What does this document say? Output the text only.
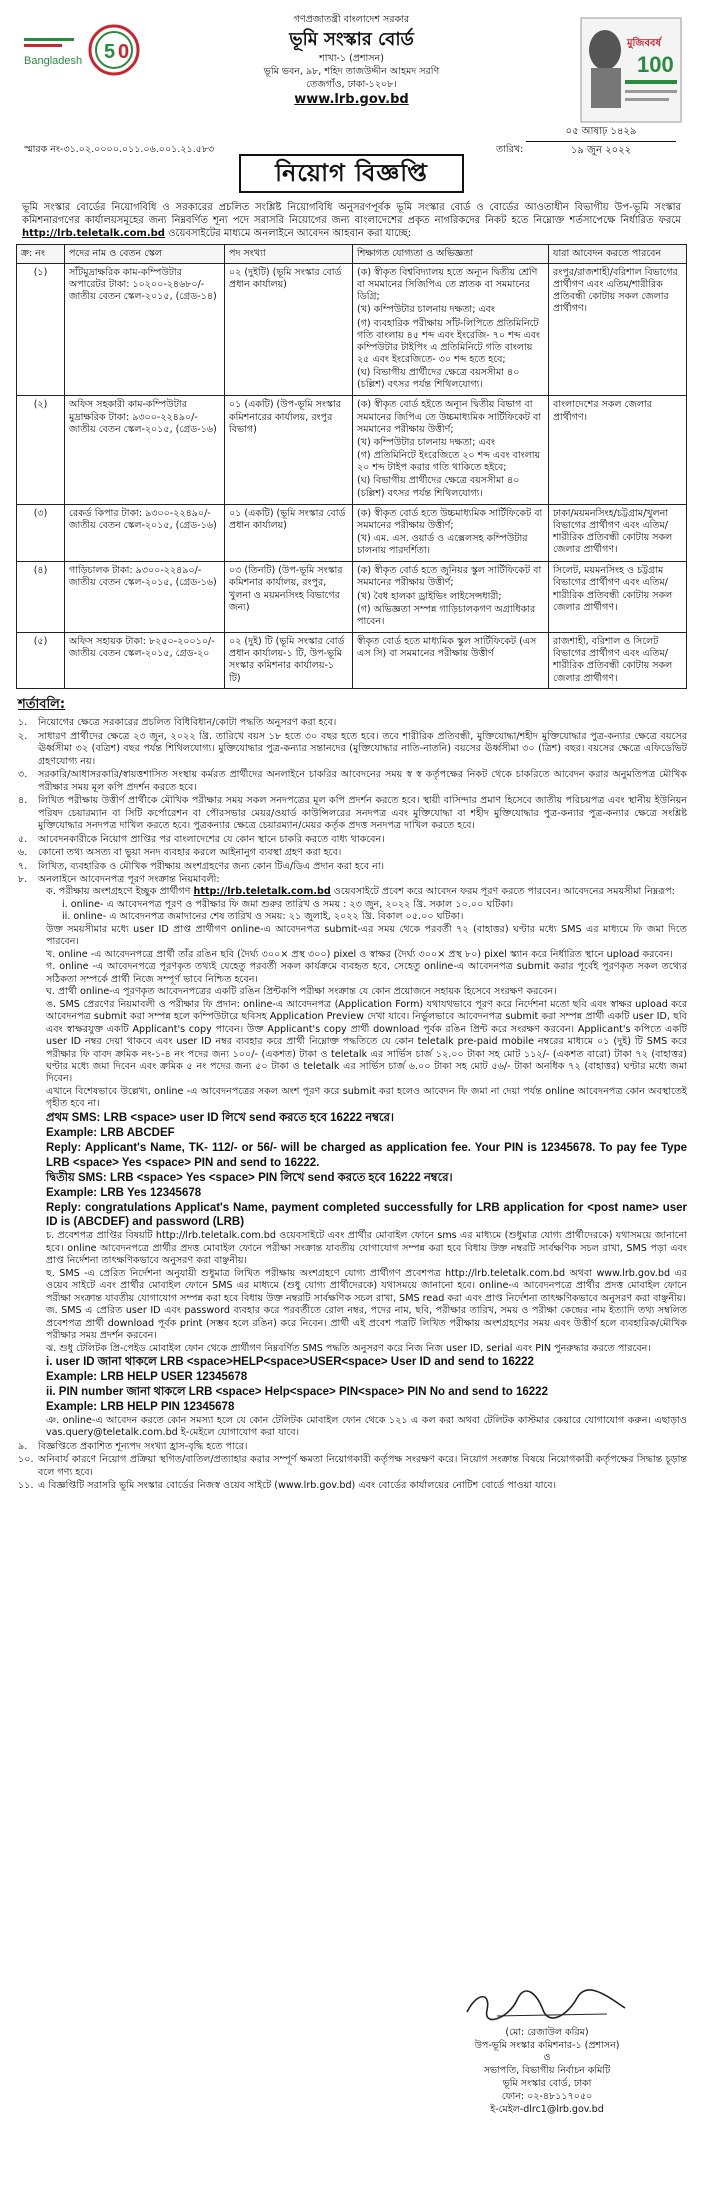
5 0
Bangladesh
গণপ্রজাতন্ত্রী বাংলাদেশ সরকার
ভূমি সংস্কার বোর্ড
শাখা-১ (প্রশাসন)
ভূমি ভবন, ৯৮, শহিদ তাজউদ্দীন আহমদ সরণি
তেজগাঁও, ঢাকা-১২০৮।
www.lrb.gov.bd
মুজিববর্ষ
100
স্মারক নং-৩১.০২.০০০০.০১১.০৬.০০১.২১.৫৮৩	তারিখ:
০৫ আষাঢ় ১৪২৯
১৯ জুন ২০২২
নিয়োগ বিজ্ঞপ্তি
ভূমি সংস্কার বোর্ডের নিয়োগবিধি ও সরকারের প্রচলিত সংশ্লিষ্ট নিয়োগবিধি অনুসরণপূর্বক ভূমি সংস্কার বোর্ড ও বোর্ডের আওতাধীন বিভাগীয় উপ-ভূমি সংস্কার কমিশনারগণের কার্যালয়সমূহের জন্য নিম্নবর্ণিত শূন্য পদে সরাসরি নিয়োগের জন্য বাংলাদেশের প্রকৃত নাগরিকদের নিকট হতে নিম্নোক্ত শর্তসাপেক্ষে নির্ধারিত ফরমে http://lrb.teletalk.com.bd ওয়েবসাইটের মাধ্যমে অনলাইনে আবেদন আহবান করা যাচ্ছে:
ক্র: নং	পদের নাম ও বেতন স্কেল	পদ সংখ্যা	শিক্ষাগত যোগ্যতা ও অভিজ্ঞতা	যারা আবেদন করতে পারবেন
(১)	সাঁটমুদ্রাক্ষরিক কাম-কম্পিউটার অপারেটর টাকা: ১০২০০-২৪৬৮০/- জাতীয় বেতন স্কেল-২০১৫, (গ্রেড-১৪)	০২ (দুইটি) (ভূমি সংস্কার বোর্ড প্রধান কার্যালয়)	(ক) স্বীকৃত বিশ্ববিদ্যালয় হতে অন্যূন দ্বিতীয় শ্রেণি বা সমমানের সিজিপিএ তে স্নাতক বা সমমানের ডিগ্রি;

(খ) কম্পিউটার চালনায় দক্ষতা; এবং

(গ) ব্যবহারিক পরীক্ষায় সাঁট-লিপিতে প্রতিমিনিটে গতি বাংলায় ৪৫ শব্দ এবং ইংরেজি- ৭০ শব্দ এবং কম্পিউটার টাইপিং এ প্রতিমিনিটে গতি বাংলায় ২৫ এবং ইংরেজিতে- ৩০ শব্দ হতে হবে;

(ঘ) বিভাগীয় প্রার্থীদের ক্ষেত্রে বয়সসীমা ৪০ (চল্লিশ) বৎসর পর্যন্ত শিথিলযোগ্য।	রংপুর/রাজশাহী/বরিশাল বিভাগের প্রার্থীগণ এবং এতিম/শারীরিক প্রতিবন্ধী কোটায় সকল জেলার প্রার্থীগণ।
(২)	অফিস সহকারী কাম-কম্পিউটার মুদ্রাক্ষরিক টাকা: ৯৩০০-২২৪৯০/- জাতীয় বেতন স্কেল-২০১৫, (গ্রেড-১৬)	০১ (একটি) (উপ-ভূমি সংস্কার কমিশনারের কার্যালয়, রংপুর বিভাগ)	(ক) স্বীকৃত বোর্ড হইতে অন্যূন দ্বিতীয় বিভাগ বা সমমানের জিপিএ তে উচ্চমাধ্যমিক সার্টিফিকেট বা সমমানের পরীক্ষায় উত্তীর্ণ;

(খ) কম্পিউটার চালনায় দক্ষতা; এবং

(গ) প্রতিমিনিটে ইংরেজিতে ২০ শব্দ এবং বাংলায় ২০ শব্দ টাইপ করার গতি থাকিতে হইবে;

(ঘ) বিভাগীয় প্রার্থীদের ক্ষেত্রে বয়সসীমা ৪০ (চল্লিশ) বৎসর পর্যন্ত শিথিলযোগ্য।	বাংলাদেশের সকল জেলার প্রার্থীগণ।
(৩)	রেকর্ড কিপার টাকা: ৯৩০০-২২৪৯০/- জাতীয় বেতন স্কেল-২০১৫, (গ্রেড-১৬)	০১ (একটি) (ভূমি সংস্কার বোর্ড প্রধান কার্যালয়)	(ক) স্বীকৃত বোর্ড হতে উচ্চমাধ্যমিক সার্টিফিকেট বা সমমানের পরীক্ষায় উত্তীর্ণ;

(খ) এম. এস. ওয়ার্ড ও এক্সেলসহ কম্পিউটার চালনায় পারদর্শিতা।	ঢাকা/ময়মনসিংহ/চট্টগ্রাম/খুলনা বিভাগের প্রার্থীগণ এবং এতিম/শারীরিক প্রতিবন্ধী কোটায় সকল জেলার প্রার্থীগণ।
(৪)	গাড়িচালক টাকা: ৯৩০০-২২৪৯০/- জাতীয় বেতন স্কেল-২০১৫, (গ্রেড-১৬)	০৩ (তিনটি) (উপ-ভূমি সংস্কার কমিশনার কার্যালয়, রংপুর, খুলনা ও ময়মনসিংহ বিভাগের জন্য)	(ক) স্বীকৃত বোর্ড হতে জুনিয়র স্কুল সার্টিফিকেট বা সমমানের পরীক্ষায় উত্তীর্ণ;

(খ) বৈধ হালকা ড্রাইভিং লাইসেন্সধারী;

(গ) অভিজ্ঞতা সম্পন্ন গাড়িচালকগণ অগ্রাধিকার পাবেন।	সিলেট, ময়মনসিংহ ও চট্টগ্রাম বিভাগের প্রার্থীগণ এবং এতিম/শারীরিক প্রতিবন্ধী কোটায় সকল জেলার প্রার্থীগণ।
(৫)	অফিস সহায়ক টাকা: ৮২৫০-২০০১০/- জাতীয় বেতন স্কেল-২০১৫, গ্রেড-২০	০২ (দুই) টি (ভূমি সংস্কার বোর্ড প্রধান কার্যালয়-১ টি, উপ-ভূমি সংস্কার কমিশনার কার্যালয়-১ টি)	স্বীকৃত বোর্ড হতে মাধ্যমিক স্কুল সার্টিফিকেট (এস এস সি) বা সমমানের পরীক্ষায় উত্তীর্ণ	রাজশাহী, বরিশাল ও সিলেট বিভাগের প্রার্থীগণ এবং এতিম/শারীরিক প্রতিবন্ধী কোটায় সকল জেলার প্রার্থীগণ।
শর্তাবলি:
১. নিয়োগের ক্ষেত্রে সরকারের প্রচলিত বিধিবিধান/কোটা পদ্ধতি অনুসরণ করা হবে।
২. সাধারণ প্রার্থীদের ক্ষেত্রে ২৩ জুন, ২০২২ খ্রি. তারিখে বয়স ১৮ হতে ৩০ বছর হতে হবে। তবে শারীরিক প্রতিবন্ধী, মুক্তিযোদ্ধা/শহীদ মুক্তিযোদ্ধার পুত্র-কন্যার ক্ষেত্রে বয়সের ঊর্ধ্বসীমা ৩২ (বত্রিশ) বছর পর্যন্ত শিথিলযোগ্য। মুক্তিযোদ্ধার পুত্র-কন্যার সন্তানদের (মুক্তিযোদ্ধার নাতি-নাতনি) বয়সের ঊর্ধ্বসীমা ৩০ (ত্রিশ) বছর। বয়সের ক্ষেত্রে এফিডেভিট গ্রহণযোগ্য নয়।
৩. সরকারি/আধাসরকারি/স্বায়ত্তশাসিত সংস্থায় কর্মরত প্রার্থীদের অনলাইনে চাকরির আবেদনের সময় স্ব স্ব কর্তৃপক্ষের নিকট থেকে চাকরিতে আবেদন করার অনুমতিপত্র মৌখিক পরীক্ষার সময় মূল কপি প্রদর্শন করতে হবে।
৪. লিখিত পরীক্ষায় উত্তীর্ণ প্রার্থীকে মৌখিক পরীক্ষার সময় সকল সনদপত্রের মূল কপি প্রদর্শন করতে হবে। স্থায়ী বাসিন্দার প্রমাণ হিসেবে জাতীয় পরিচয়পত্র এবং স্থানীয় ইউনিয়ন পরিষদ চেয়ারম্যান বা সিটি কর্পোরেশন বা পৌরসভার মেয়র/ওয়ার্ড কাউন্সিলরের সনদপত্র এবং মুক্তিযোদ্ধা বা শহীদ মুক্তিযোদ্ধার পুত্র-কন্যার পুত্র-কন্যার ক্ষেত্রে সংশ্লিষ্ট মুক্তিযোদ্ধার সনদপত্র দাখিল করতে হবে। পুত্রকন্যার ক্ষেত্রে চেয়ারম্যান/মেয়র কর্তৃক প্রদত্ত সনদপত্র দাখিল করতে হবে।
৫. আবেদনকারীকে নিয়োগ প্রাপ্তির পর বাংলাদেশের যে কোন স্থানে চাকরি করতে বাধ্য থাকবেন।
৬. কোনো তথ্য অসত্য বা ভুয়া সনদ ব্যবহার করলে আইনানুগ ব্যবস্থা গ্রহণ করা হবে।
৭. লিখিত, ব্যবহারিক ও মৌখিক পরীক্ষায় অংশগ্রহণের জন্য কোন টিএ/ডিএ প্রদান করা হবে না।
৮. অনলাইনে আবেদনপত্র পূরণ সংক্রান্ত নিয়মাবলী:
ক. পরীক্ষায় অংশগ্রহণে ইচ্ছুক প্রার্থীগণ http://lrb.teletalk.com.bd ওয়েবসাইটে প্রবেশ করে আবেদন ফরম পূরণ করতে পারবেন। আবেদনের সময়সীমা নিম্নরূপ:
i. online- এ আবেদনপত্র পূরণ ও পরীক্ষার ফি জমা শুরুর তারিখ ও সময় : ২৩ জুন, ২০২২ খ্রি. সকাল ১০.০০ ঘটিকা।
ii. online- এ আবেদনপত্র জমাদানের শেষ তারিখ ও সময়: ২১ জুলাই, ২০২২ খ্রি. বিকাল ০৫.০০ ঘটিকা।
উক্ত সময়সীমার মধ্যে user ID প্রাপ্ত প্রার্থীগণ online-এ আবেদনপত্র submit-এর সময় থেকে পরবর্তী ৭২ (বাহাত্তর) ঘণ্টার মধ্যে SMS এর মাধ্যমে ফি জমা দিতে পারবেন।
খ. online -এ আবেদনপত্রে প্রার্থী তাঁর রঙিন ছবি (দৈর্ঘ্য ৩০০× প্রস্থ ৩০০) pixel ও স্বাক্ষর (দৈর্ঘ্য ৩০০× প্রস্থ ৮০) pixel স্ক্যান করে নির্ধারিত স্থানে upload করবেন।
গ. online -এ আবেদনপত্রে পূরণকৃত তথ্যই যেহেতু পরবর্তী সকল কার্যক্রমে ব্যবহৃত হবে, সেহেতু online-এ আবেদনপত্র submit করার পূর্বেই পূরণকৃত সকল তথ্যের সঠিকতা সম্পর্কে প্রার্থী নিজে সম্পূর্ণ ভাবে নিশ্চিত হবেন।
ঘ. প্রার্থী online-এ পূরণকৃত আবেদনপত্রের একটি রঙিন প্রিন্টকপি পরীক্ষা সংক্রান্ত যে কোন প্রয়োজনে সহায়ক হিসেবে সংরক্ষণ করবেন।
ঙ. SMS প্রেরণের নিয়মাবলী ও পরীক্ষার ফি প্রদান: online-এ আবেদনপত্র (Application Form) যথাযথভাবে পূরণ করে নির্দেশনা মতো ছবি এবং স্বাক্ষর upload করে আবেদনপত্র submit করা সম্পন্ন হলে কম্পিউটারে ছবিসহ Application Preview দেখা যাবে। নির্ভুলভাবে আবেদনপত্র submit করা সম্পন্ন প্রার্থী একটি user ID, ছবি এবং স্বাক্ষরযুক্ত একটি Applicant's copy পাবেন। উক্ত Applicant's copy প্রার্থী download পূর্বক রঙিন প্রিন্ট করে সংরক্ষণ করবেন। Applicant's কপিতে একটি user ID নম্বর দেয়া থাকবে এবং user ID নম্বর ব্যবহার করে প্রার্থী নিম্নোক্ত পদ্ধতিতে যে কোন teletalk pre-paid mobile নম্বরের মাধ্যমে ০১ (দুই) টি SMS করে পরীক্ষার ফি বাবদ ক্রমিক নং-১-৪ নং পদের জন্য ১০০/- (একশত) টাকা ও teletalk এর সার্ভিস চার্জ ১২.০০ টাকা সহ মোট ১১২/- (একশত বারো) টাকা ৭২ (বাহাত্তর) ঘণ্টার মধ্যে জমা দিবেন এবং ক্রমিক ৫ নং পদের জন্য ৫০ টাকা ও teletalk এর সার্ভিস চার্জ ৬.০০ টাকা সহ মোট ৫৬/- টাকা অনধিক ৭২ (বাহাত্তর) ঘণ্টার মধ্যে জমা দিবেন।
এখানে বিশেষভাবে উল্লেখ্য, online -এ আবেদনপত্রের সকল অংশ পূরণ করে submit করা হলেও আবেদন ফি জমা না দেয়া পর্যন্ত online আবেদনপত্র কোন অবস্থাতেই গৃহীত হবে না।
প্রথম SMS: LRB <space> user ID লিখে send করতে হবে 16222 নম্বরে।
Example: LRB ABCDEF
Reply: Applicant's Name, TK- 112/- or 56/- will be charged as application fee. Your PIN is 12345678. To pay fee Type LRB <space> Yes <space> PIN and send to 16222.
দ্বিতীয় SMS: LRB <space> Yes <space> PIN লিখে send করতে হবে 16222 নম্বরে।
Example: LRB Yes 12345678
Reply: congratulations Applicat's Name, payment completed successfully for LRB application for <post name> user ID is (ABCDEF) and password (LRB)
চ. প্রবেশপত্র প্রাপ্তির বিষয়টি http://lrb.teletalk.com.bd ওয়েবসাইটে এবং প্রার্থীর মোবাইল ফোনে sms এর মাধ্যমে (শুধুমাত্র যোগ্য প্রার্থীদেরকে) যথাসময়ে জানানো হবে। online আবেদনপত্রে প্রার্থীর প্রদত্ত মোবাইল ফোনে পরীক্ষা সংক্রান্ত যাবতীয় যোগাযোগ সম্পন্ন করা হবে বিধায় উক্ত নম্বরটি সার্বক্ষণিক সচল রাখা, SMS পড়া এবং প্রাপ্ত নির্দেশনা তাৎক্ষণিকভাবে অনুসরণ করা বাঞ্ছনীয়।
ছ. SMS -এ প্রেরিত নির্দেশনা অনুযায়ী শুধুমাত্র লিখিত পরীক্ষায় অংশগ্রহণে যোগ্য প্রার্থীগণ প্রবেশপত্র http://lrb.teletalk.com.bd অথবা www.lrb.gov.bd এর ওয়েব সাইটে এবং প্রার্থীর মোবাইল ফোনে SMS এর মাধ্যমে (শুধু যোগ্য প্রার্থীদেরকে) যথাসময়ে জানানো হবে। online-এ আবেদনপত্রে প্রার্থীর প্রদত্ত মোবাইল ফোনে পরীক্ষা সংক্রান্ত যাবতীয় যোগাযোগ সম্পন্ন করা হবে বিধায় উক্ত নম্বরটি সার্বক্ষণিক সচল রাখা, SMS read করা এবং প্রাপ্ত নির্দেশনা তাৎক্ষণিকভাবে অনুসরণ করা বাঞ্ছনীয়।
জ. SMS এ প্রেরিত user ID এবং password ব্যবহার করে পরবর্তীতে রোল নম্বর, পদের নাম, ছবি, পরীক্ষার তারিখ, সময় ও পরীক্ষা কেন্দ্রের নাম ইত্যাদি তথ্য সম্বলিত প্রবেশপত্র প্রার্থী download পূর্বক print (সম্ভব হলে রঙিন) করে নিবেন। প্রার্থী এই প্রবেশ পত্রটি লিখিত পরীক্ষায় অংশগ্রহণের সময় এবং উত্তীর্ণ হলে ব্যবহারিক/মৌখিক পরীক্ষার সময় প্রদর্শন করবেন।
ঝ. শুধু টেলিটক প্রি-পেইড মোবাইল ফোন থেকে প্রার্থীগণ নিম্নবর্ণিত SMS পদ্ধতি অনুসরণ করে নিজ নিজ user ID, serial এবং PIN পুনরুদ্ধার করতে পারবেন।
i. user ID জানা থাকলে LRB <space>HELP<space>USER<space> User ID and send to 16222
Example: LRB HELP USER 12345678
ii. PIN number জানা থাকলে LRB <space> Help<space> PIN<space> PIN No and send to 16222
Example: LRB HELP PIN 12345678
ঞ. online-এ আবেদন করতে কোন সমস্যা হলে যে কোন টেলিটক মোবাইল ফোন থেকে ১২১ এ কল করা অথবা টেলিটক কাস্টমার কেয়ারে যোগাযোগ করুন। এছাড়াও vas.query@teletalk.com.bd ই-মেইলে যোগাযোগ করা যাবে।
৯. বিজ্ঞপ্তিতে প্রকাশিত শূন্যপদ সংখ্যা হ্রাস-বৃদ্ধি হতে পারে।
১০. অনিবার্য কারণে নিয়োগ প্রক্রিয়া স্থগিত/বাতিল/প্রত্যাহার করার সম্পূর্ণ ক্ষমতা নিয়োগকারী কর্তৃপক্ষ সংরক্ষণ করে। নিয়োগ সংক্রান্ত বিষয়ে নিয়োগকারী কর্তৃপক্ষের সিদ্ধান্ত চূড়ান্ত বলে গণ্য হবে।
১১. এ বিজ্ঞপ্তিটি সরাসরি ভূমি সংস্কার বোর্ডের নিজস্ব ওয়েব সাইটে (www.lrb.gov.bd) এবং বোর্ডের কার্যালয়ের নোটিশ বোর্ডে পাওয়া যাবে।
(মো: রেজাউল করিম)
উপ-ভূমি সংস্কার কমিশনার-১ (প্রশাসন)
ও
সভাপতি, বিভাগীয় নির্বাচন কমিটি
ভূমি সংস্কার বোর্ড, ঢাকা
ফোন: ০২-৪৮১১৭০৫০
ই-মেইল-dlrc1@lrb.gov.bd
